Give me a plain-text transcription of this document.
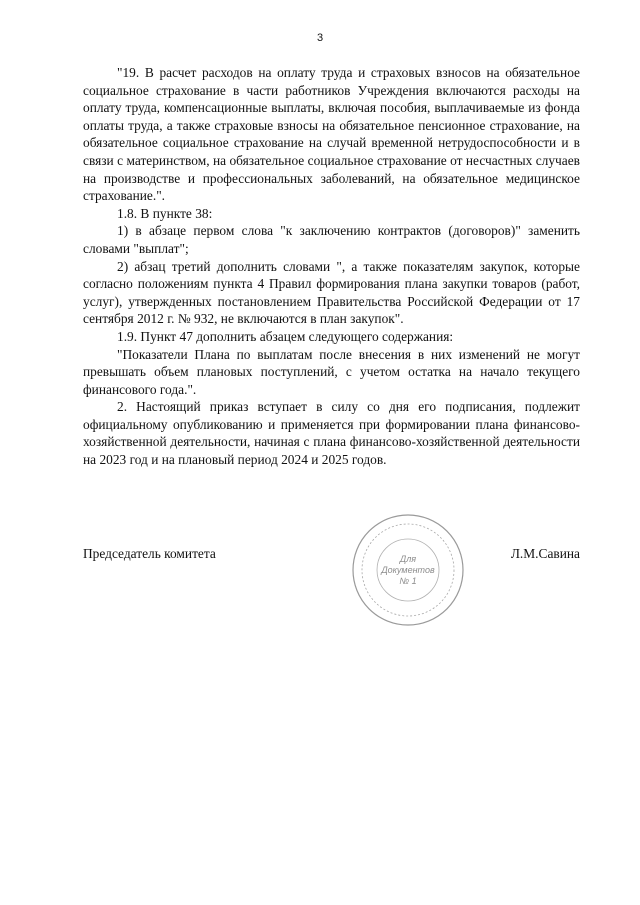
3

"19. В расчет расходов на оплату труда и страховых взносов на обязательное социальное страхование в части работников Учреждения включаются расходы на оплату труда, компенсационные выплаты, включая пособия, выплачиваемые из фонда оплаты труда, а также страховые взносы на обязательное пенсионное страхование, на обязательное социальное страхование на случай временной нетрудоспособности и в связи с материнством, на обязательное социальное страхование от несчастных случаев на производстве и профессиональных заболеваний, на обязательное медицинское страхование.".

1.8. В пункте 38:

1) в абзаце первом слова "к заключению контрактов (договоров)" заменить словами "выплат";

2) абзац третий дополнить словами ", а также показателям закупок, которые согласно положениям пункта 4 Правил формирования плана закупки товаров (работ, услуг), утвержденных постановлением Правительства Российской Федерации от 17 сентября 2012 г. № 932, не включаются в план закупок".

1.9. Пункт 47 дополнить абзацем следующего содержания:

"Показатели Плана по выплатам после внесения в них изменений не могут превышать объем плановых поступлений, с учетом остатка на начало текущего финансового года.".

2. Настоящий приказ вступает в силу со дня его подписания, подлежит официальному опубликованию и применяется при формировании плана финансово-хозяйственной деятельности, начиная с плана финансово-хозяйственной деятельности на 2023 год и на плановый период 2024 и 2025 годов.

Председатель комитета	Л.М.Савина
Для
Документов
№ 1
